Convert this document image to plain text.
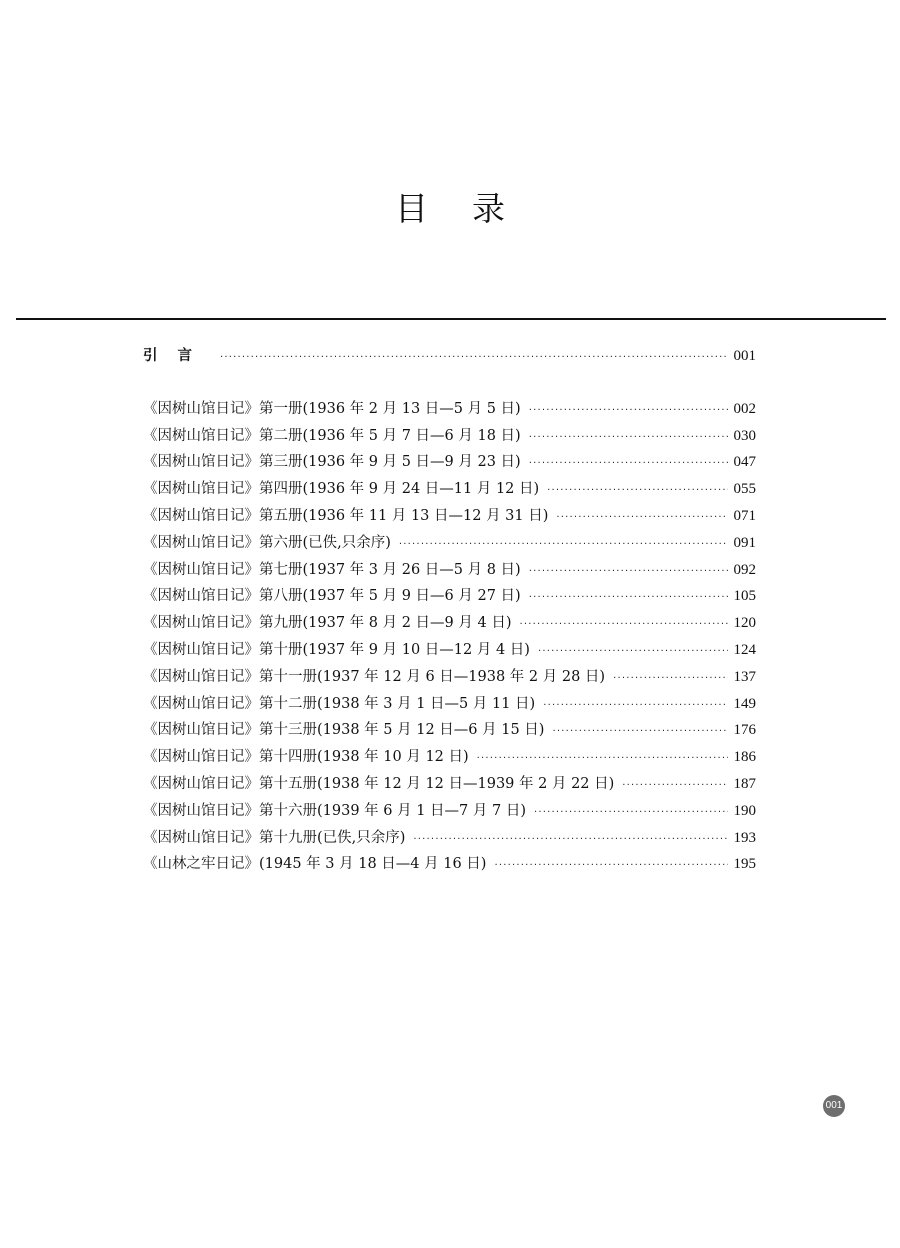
目录
引言 ·····	001
《因树山馆日记》第一册(1936 年 2 月 13 日—5 月 5 日) ·····	002
《因树山馆日记》第二册(1936 年 5 月 7 日—6 月 18 日) ·····	030
《因树山馆日记》第三册(1936 年 9 月 5 日—9 月 23 日) ·····	047
《因树山馆日记》第四册(1936 年 9 月 24 日—11 月 12 日) ·····	055
《因树山馆日记》第五册(1936 年 11 月 13 日—12 月 31 日) ·····	071
《因树山馆日记》第六册(已佚,只余序) ·····	091
《因树山馆日记》第七册(1937 年 3 月 26 日—5 月 8 日) ·····	092
《因树山馆日记》第八册(1937 年 5 月 9 日—6 月 27 日) ·····	105
《因树山馆日记》第九册(1937 年 8 月 2 日—9 月 4 日) ·····	120
《因树山馆日记》第十册(1937 年 9 月 10 日—12 月 4 日) ·····	124
《因树山馆日记》第十一册(1937 年 12 月 6 日—1938 年 2 月 28 日) ·····	137
《因树山馆日记》第十二册(1938 年 3 月 1 日—5 月 11 日) ·····	149
《因树山馆日记》第十三册(1938 年 5 月 12 日—6 月 15 日) ·····	176
《因树山馆日记》第十四册(1938 年 10 月 12 日) ·····	186
《因树山馆日记》第十五册(1938 年 12 月 12 日—1939 年 2 月 22 日) ·····	187
《因树山馆日记》第十六册(1939 年 6 月 1 日—7 月 7 日) ·····	190
《因树山馆日记》第十九册(已佚,只余序) ·····	193
《山林之牢日记》(1945 年 3 月 18 日—4 月 16 日) ·····	195
001
